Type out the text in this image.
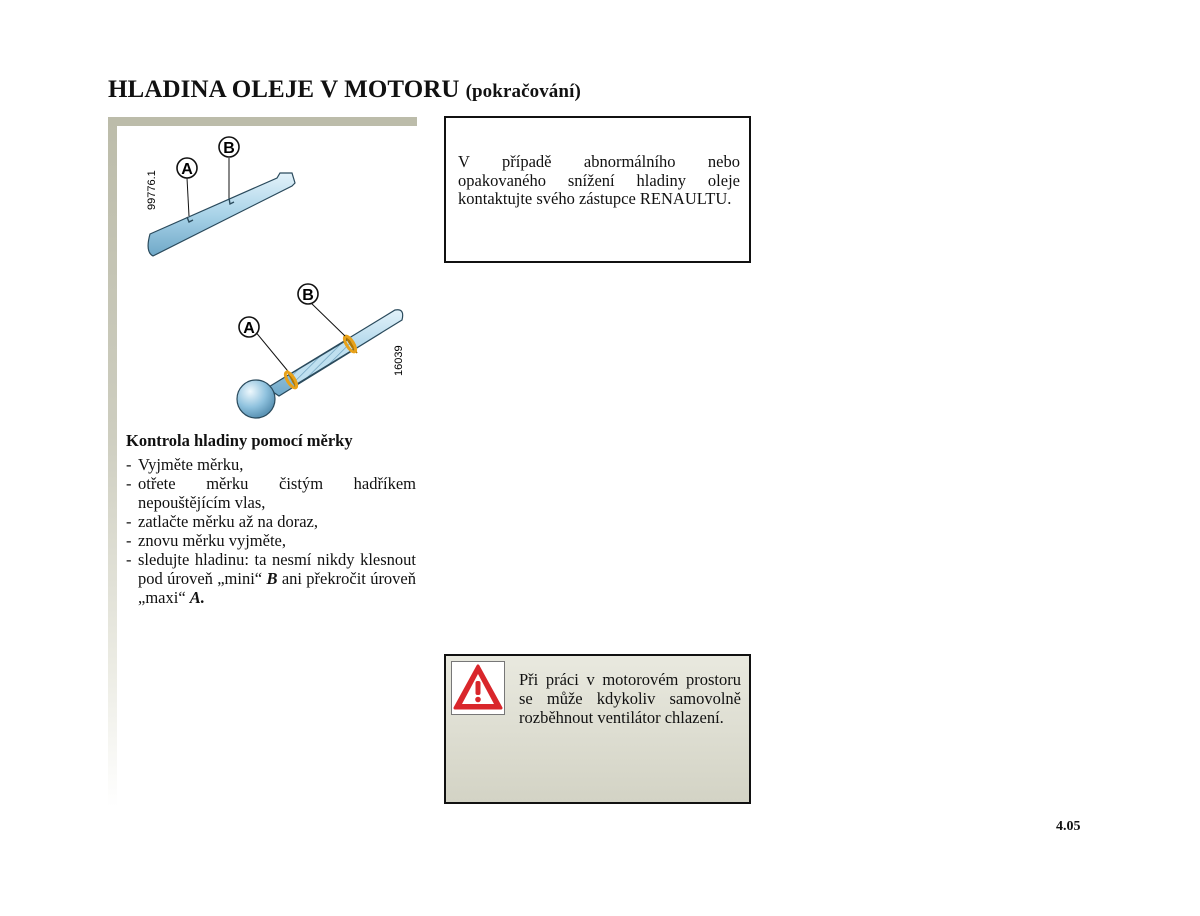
HLADINA OLEJE V MOTORU (pokračování)
A
B
99776.1
A
B
16039
Kontrola hladiny pomocí měrky
- Vyjměte měrku,
- otřete měrku čistým hadříkem nepouštějícím vlas,
- zatlačte měrku až na doraz,
- znovu měrku vyjměte,
- sledujte hladinu: ta nesmí nikdy klesnout pod úroveň „mini“ B ani překročit úroveň „maxi“ A.

V případě abnormálního nebo opakovaného snížení hladiny oleje kontaktujte svého zástupce RENAULTU.

Při práci v motorovém prostoru se může kdykoliv samovolně rozběhnout ventilátor chlazení.

4.05
